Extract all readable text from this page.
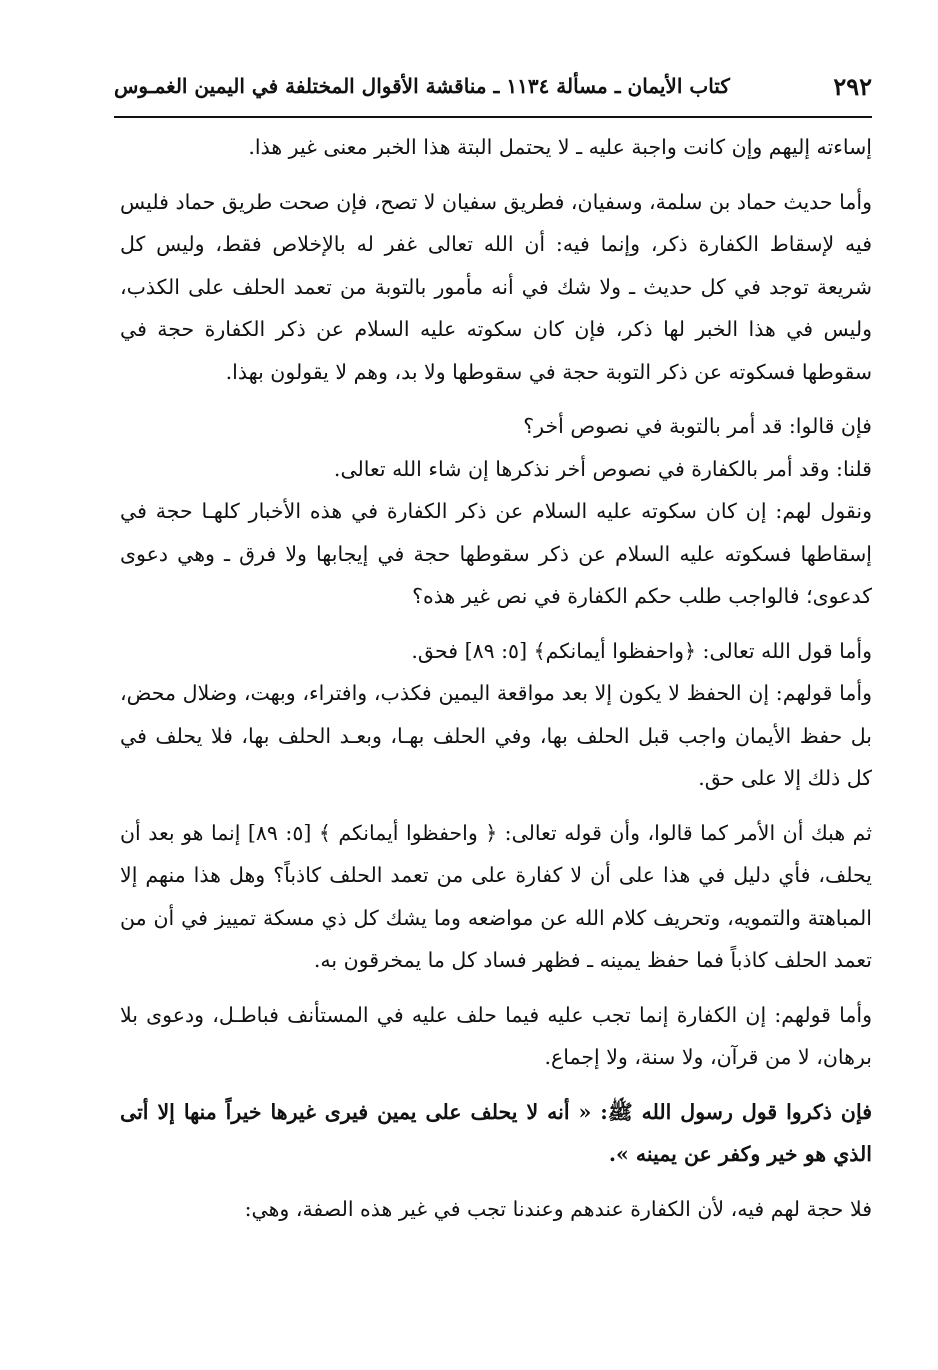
٢٩٢
كتاب الأيمان ـ مسألة ١١٣٤ ـ مناقشة الأقوال المختلفة في اليمين الغمـوس

إساءته إليهم وإن كانت واجبة عليه ـ لا يحتمل البتة هذا الخبر معنى غير هذا.

وأما حديث حماد بن سلمة، وسفيان، فطريق سفيان لا تصح، فإن صحت طريق حماد فليس فيه لإسقاط الكفارة ذكر، وإنما فيه: أن الله تعالى غفر له بالإخلاص فقط، وليس كل شريعة توجد في كل حديث ـ ولا شك في أنه مأمور بالتوبة من تعمد الحلف على الكذب، وليس في هذا الخبر لها ذكر، فإن كان سكوته عليه السلام عن ذكر الكفارة حجة في سقوطها فسكوته عن ذكر التوبة حجة في سقوطها ولا بد، وهم لا يقولون بهذا.

فإن قالوا: قد أمر بالتوبة في نصوص أخر؟

قلنا: وقد أمر بالكفارة في نصوص أخر نذكرها إن شاء الله تعالى.

ونقول لهم: إن كان سكوته عليه السلام عن ذكر الكفارة في هذه الأخبار كلهـا حجة في إسقاطها فسكوته عليه السلام عن ذكر سقوطها حجة في إيجابها ولا فرق ـ وهي دعوى كدعوى؛ فالواجب طلب حكم الكفارة في نص غير هذه؟

وأما قول الله تعالى: ﴿واحفظوا أيمانكم﴾ [٥: ٨٩] فحق.

وأما قولهم: إن الحفظ لا يكون إلا بعد مواقعة اليمين فكذب، وافتراء، وبهت، وضلال محض، بل حفظ الأيمان واجب قبل الحلف بها، وفي الحلف بهـا، وبعـد الحلف بها، فلا يحلف في كل ذلك إلا على حق.

ثم هبك أن الأمر كما قالوا، وأن قوله تعالى: ﴿ واحفظوا أيمانكم ﴾ [٥: ٨٩] إنما هو بعد أن يحلف، فأي دليل في هذا على أن لا كفارة على من تعمد الحلف كاذباً؟ وهل هذا منهم إلا المباهتة والتمويه، وتحريف كلام الله عن مواضعه وما يشك كل ذي مسكة تمييز في أن من تعمد الحلف كاذباً فما حفظ يمينه ـ فظهر فساد كل ما يمخرقون به.

وأما قولهم: إن الكفارة إنما تجب عليه فيما حلف عليه في المستأنف فباطـل، ودعوى بلا برهان، لا من قرآن، ولا سنة، ولا إجماع.

فإن ذكروا قول رسول الله ﷺ: « أنه لا يحلف على يمين فيرى غيرها خيراً منها إلا أتى الذي هو خير وكفر عن يمينه ».

فلا حجة لهم فيه، لأن الكفارة عندهم وعندنا تجب في غير هذه الصفة، وهي:
